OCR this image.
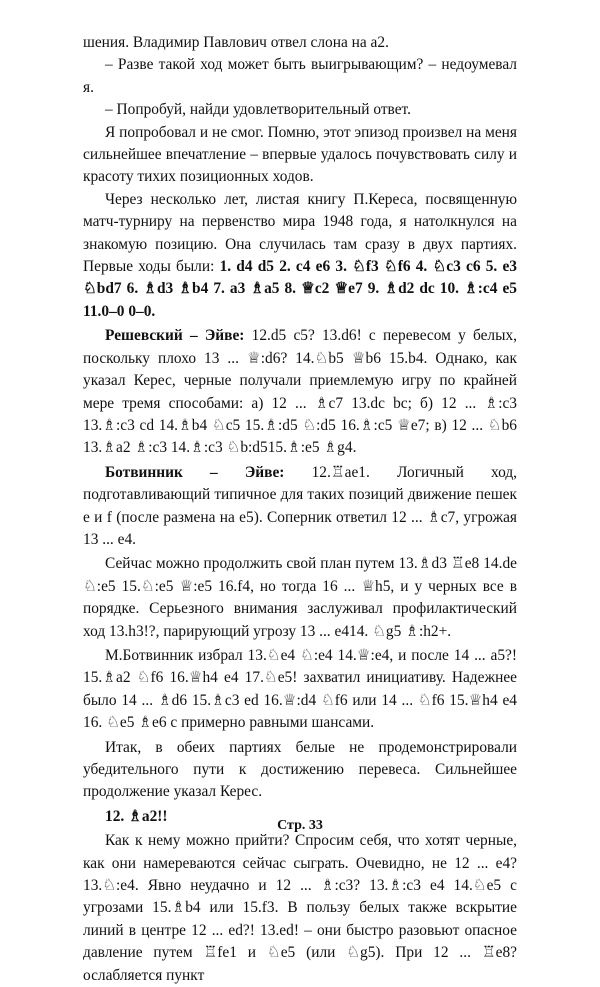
шения. Владимир Павлович отвел слона на а2.

– Разве такой ход может быть выигрывающим? – недоумевал я.

– Попробуй, найди удовлетворительный ответ.

Я попробовал и не смог. Помню, этот эпизод произвел на меня сильнейшее впечатление – впервые удалось почувствовать силу и красоту тихих позиционных ходов.

Через несколько лет, листая книгу П.Кереса, посвященную матч-турниру на первенство мира 1948 года, я натолкнулся на знакомую позицию. Она случилась там сразу в двух партиях. Первые ходы были: 1. d4 d5 2. с4 е6 3. ♘f3 ♘f6 4. ♘c3 с6 5. е3 ♘bd7 6. ♗d3 ♗b4 7. а3 ♗а5 8. ♕c2 ♕e7 9. ♗d2 dc 10. ♗:с4 е5 11.0–0 0–0.

Решевский – Эйве: 12.d5 с5? 13.d6! с перевесом у белых, поскольку плохо 13 ... ♕:d6? 14.♘b5 ♕b6 15.b4. Однако, как указал Керес, черные получали приемлемую игру по крайней мере тремя способами: а) 12 ... ♗c7 13.dc bc; б) 12 ... ♗:c3 13.♗:c3 cd 14.♗b4 ♘c5 15.♗:d5 ♘:d5 16.♗:c5 ♕e7; в) 12 ... ♘b6 13.♗a2 ♗:c3 14.♗:c3 ♘b:d515.♗:e5 ♗g4.

Ботвинник – Эйве: 12.♖ae1. Логичный ход, подготавливающий типичное для таких позиций движение пешек е и f (после размена на е5). Соперник ответил 12 ... ♗c7, угрожая 13 ... е4.

Сейчас можно продолжить свой план путем 13.♗d3 ♖e8 14.de ♘:e5 15.♘:e5 ♕:e5 16.f4, но тогда 16 ... ♕h5, и у черных все в порядке. Серьезного внимания заслуживал профилактический ход 13.h3!?, парирующий угрозу 13 ... е414. ♘g5 ♗:h2+.

М.Ботвинник избрал 13.♘e4 ♘:e4 14.♕:e4, и после 14 ... а5?! 15.♗a2 ♘f6 16.♕h4 е4 17.♘e5! захватил инициативу. Надежнее было 14 ... ♗d6 15.♗c3 ed 16.♕:d4 ♘f6 или 14 ... ♘f6 15.♕h4 е4 16. ♘e5 ♗e6 с примерно равными шансами.

Итак, в обеих партиях белые не продемонстрировали убедительного пути к достижению перевеса. Сильнейшее продолжение указал Керес.

12. ♗a2!!

Как к нему можно прийти? Спросим себя, что хотят черные, как они намереваются сейчас сыграть. Очевидно, не 12 ... е4? 13.♘:e4. Явно неудачно и 12 ... ♗:c3? 13.♗:c3 е4 14.♘e5 с угрозами 15.♗b4 или 15.f3. В пользу белых также вскрытие линий в центре 12 ... ed?! 13.ed! – они быстро разовьют опасное давление путем ♖fe1 и ♘e5 (или ♘g5). При 12 ... ♖e8? ослабляется пункт

Стр. 33
